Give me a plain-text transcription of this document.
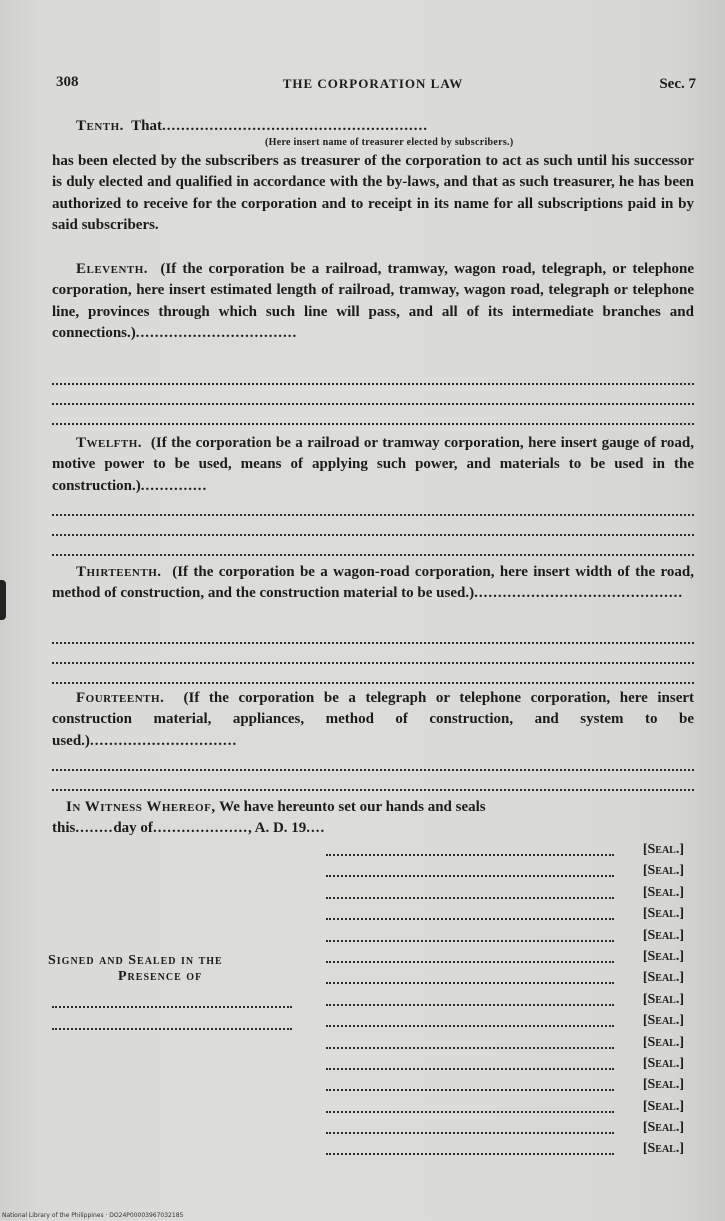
308	THE CORPORATION LAW	Sec. 7

Tenth. That........................................................

(Here insert name of treasurer elected by subscribers.)

has been elected by the subscribers as treasurer of the corporation to act as such until his successor is duly elected and qualified in accordance with the by-laws, and that as such treasurer, he has been authorized to receive for the corporation and to receipt in its name for all subscriptions paid in by said subscribers.

Eleventh. (If the corporation be a railroad, tramway, wagon road, telegraph, or telephone corporation, here insert estimated length of railroad, tramway, wagon road, telegraph or telephone line, provinces through which such line will pass, and all of its intermediate branches and connections.)..................................

Twelfth. (If the corporation be a railroad or tramway corporation, here insert gauge of road, motive power to be used, means of applying such power, and materials to be used in the construction.)..............

Thirteenth. (If the corporation be a wagon-road corporation, here insert width of the road, method of construction, and the construction material to be used.)............................................

Fourteenth. (If the corporation be a telegraph or telephone corporation, here insert construction material, appliances, method of construction, and system to be used.)...............................

In Witness Whereof, We have hereunto set our hands and seals
this........day of...................., A. D. 19....

[Seal.]
[Seal.]
[Seal.]
[Seal.]
[Seal.]
[Seal.]
[Seal.]
[Seal.]
[Seal.]
[Seal.]
[Seal.]
[Seal.]
[Seal.]
[Seal.]
[Seal.]
Signed and Sealed in the
Presence of
National Library of the Philippines · DO24P00003967032185
